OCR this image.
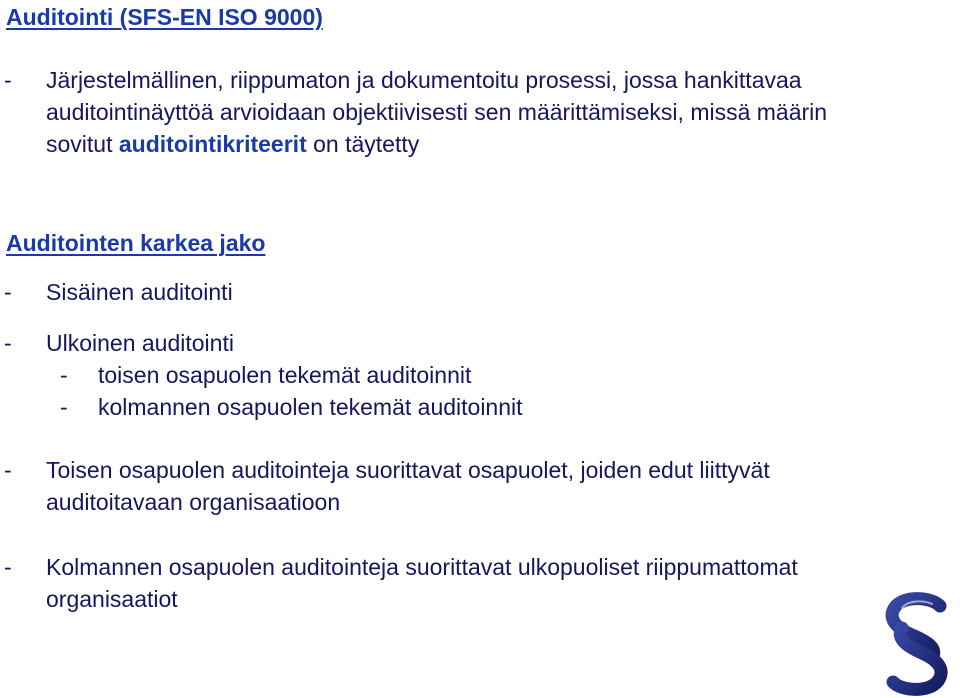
Auditointi (SFS-EN ISO 9000)
- Järjestelmällinen, riippumaton ja dokumentoitu prosessi, jossa hankittavaa
auditointinäyttöä arvioidaan objektiivisesti sen määrittämiseksi, missä määrin
sovitut auditointikriteerit on täytetty
Auditointen karkea jako
- Sisäinen auditointi
- Ulkoinen auditointi
- toisen osapuolen tekemät auditoinnit
- kolmannen osapuolen tekemät auditoinnit
- Toisen osapuolen auditointeja suorittavat osapuolet, joiden edut liittyvät
auditoitavaan organisaatioon
- Kolmannen osapuolen auditointeja suorittavat ulkopuoliset riippumattomat
organisaatiot
